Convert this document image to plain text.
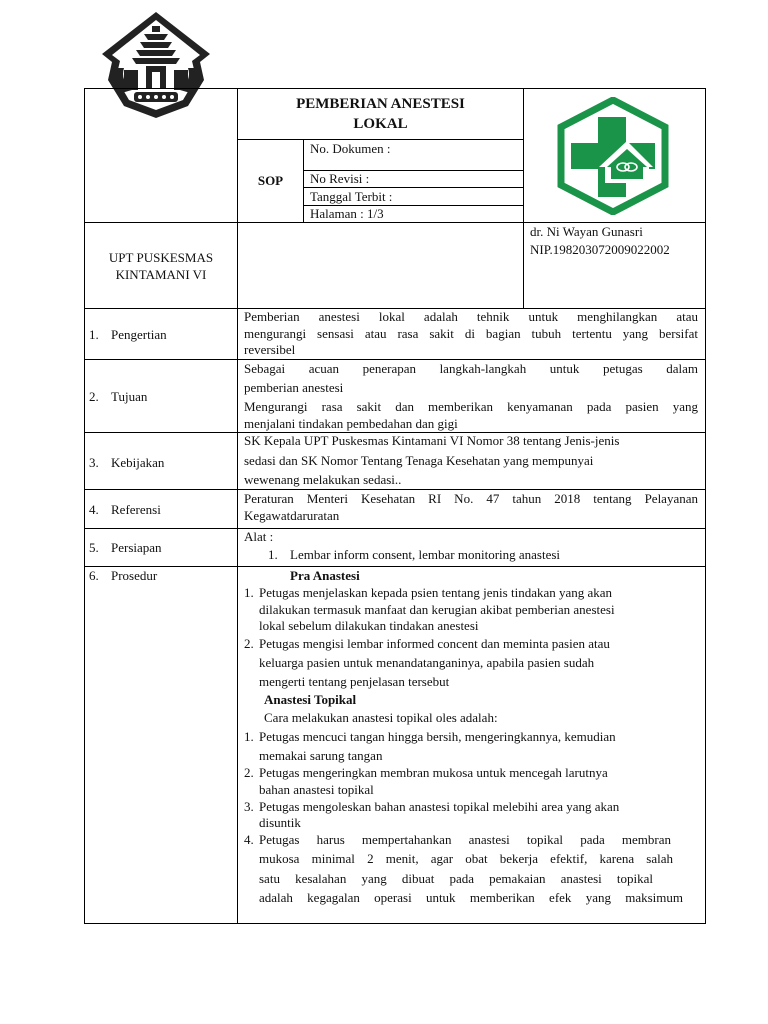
PEMBERIAN ANESTESI
LOKAL
SOP
No. Dokumen :
No Revisi :
Tanggal Terbit :
Halaman : 1/3
UPT PUSKESMAS
KINTAMANI VI
dr. Ni Wayan Gunasri
NIP.198203072009022002
1. Pengertian
Pemberian anestesi lokal adalah tehnik untuk menghilangkan atau
mengurangi sensasi atau rasa sakit di bagian tubuh tertentu yang bersifat
reversibel
2. Tujuan
Sebagai acuan penerapan langkah-langkah untuk petugas dalam
pemberian anestesi
Mengurangi rasa sakit dan memberikan kenyamanan pada pasien yang
menjalani tindakan pembedahan dan gigi
3. Kebijakan
SK Kepala UPT Puskesmas Kintamani VI Nomor 38 tentang Jenis-jenis
sedasi dan SK Nomor Tentang Tenaga Kesehatan yang mempunyai
wewenang melakukan sedasi..
4. Referensi
Peraturan Menteri Kesehatan RI No. 47 tahun 2018 tentang Pelayanan
Kegawatdaruratan
5. Persiapan
Alat :
1. Lembar inform consent, lembar monitoring anastesi
6. Prosedur	Pra Anastesi
1. Petugas menjelaskan kepada psien tentang jenis tindakan yang akan
dilakukan termasuk manfaat dan kerugian akibat pemberian anestesi
lokal sebelum dilakukan tindakan anestesi
2. Petugas mengisi lembar informed concent dan meminta pasien atau
keluarga pasien untuk menandatanganinya, apabila pasien sudah
mengerti tentang penjelasan tersebut
Anastesi Topikal
Cara melakukan anastesi topikal oles adalah:
1. Petugas mencuci tangan hingga bersih, mengeringkannya, kemudian
memakai sarung tangan
2. Petugas mengeringkan membran mukosa untuk mencegah larutnya
bahan anastesi topikal
3. Petugas mengoleskan bahan anastesi topikal melebihi area yang akan
disuntik
4. Petugas harus mempertahankan anastesi topikal pada membran
mukosa minimal 2 menit, agar obat bekerja efektif, karena salah
satu kesalahan yang dibuat pada pemakaian anastesi topikal
adalah kegagalan operasi untuk memberikan efek yang maksimum
